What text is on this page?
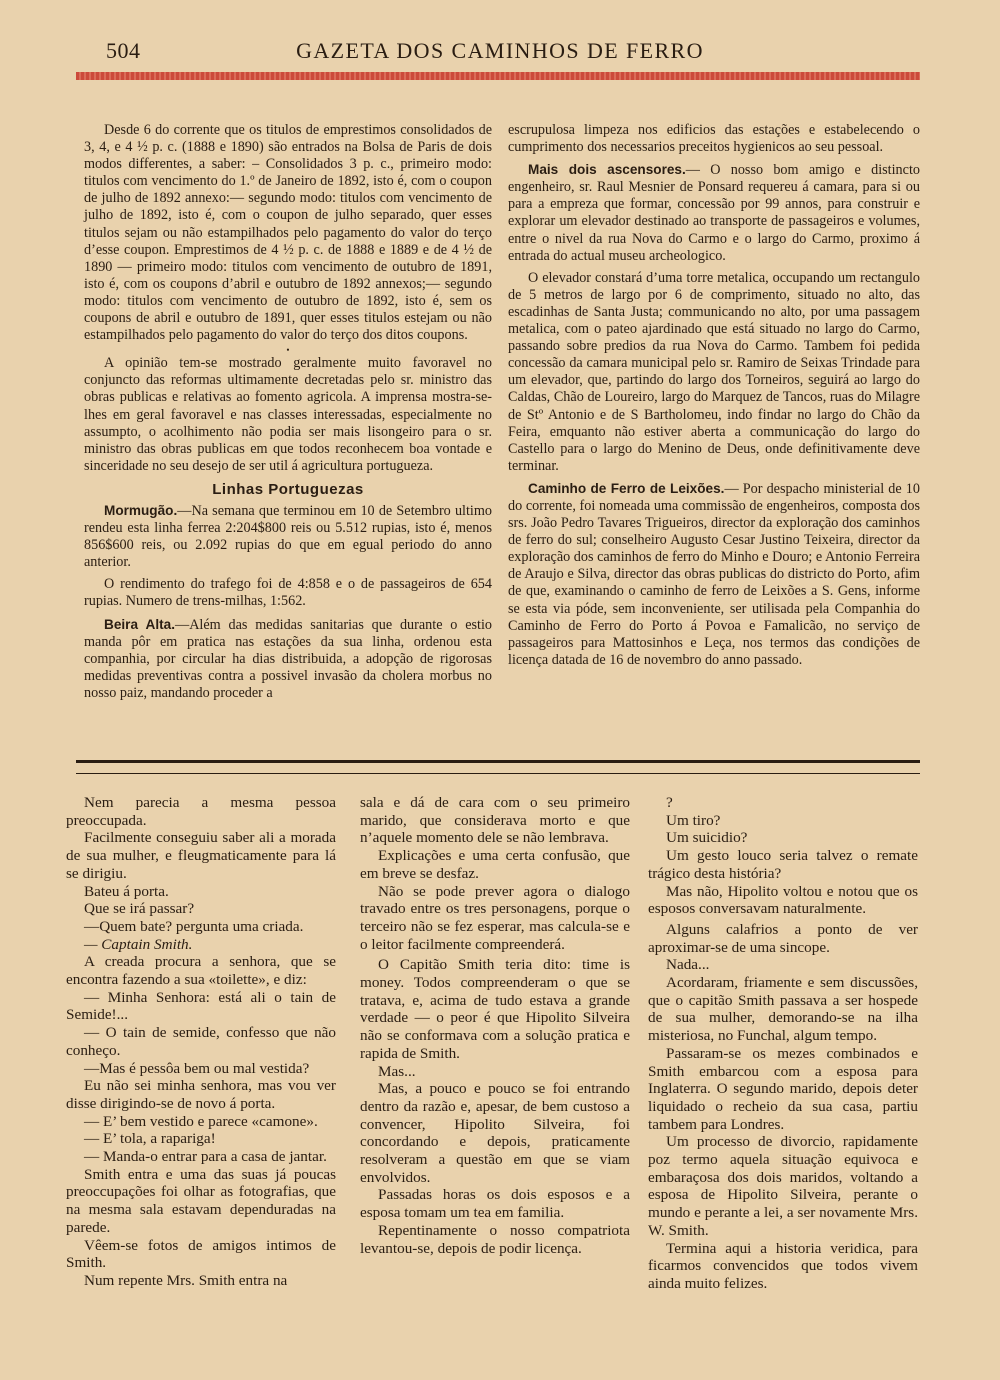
504	GAZETA DOS CAMINHOS DE FERRO

Desde 6 do corrente que os titulos de emprestimos consolidados de 3, 4, e 4 ½ p. c. (1888 e 1890) são entrados na Bolsa de Paris de dois modos differentes, a saber: – Consolidados 3 p. c., primeiro modo: titulos com vencimento do 1.º de Janeiro de 1892, isto é, com o coupon de julho de 1892 annexo:— segundo modo: titulos com vencimento de julho de 1892, isto é, com o coupon de julho separado, quer esses titulos sejam ou não estampilhados pelo pagamento do valor do terço d’esse coupon. Emprestimos de 4 ½ p. c. de 1888 e 1889 e de 4 ½ de 1890 — primeiro modo: titulos com vencimento de outubro de 1891, isto é, com os coupons d’abril e outubro de 1892 annexos;— segundo modo: titulos com vencimento de outubro de 1892, isto é, sem os coupons de abril e outubro de 1891, quer esses titulos estejam ou não estampilhados pelo pagamento do valor do terço dos ditos coupons.

•

A opinião tem-se mostrado geralmente muito favoravel no conjuncto das reformas ultimamente decretadas pelo sr. ministro das obras publicas e relativas ao fomento agricola. A imprensa mostra-se-lhes em geral favoravel e nas classes interessadas, especialmente no assumpto, o acolhimento não podia ser mais lisongeiro para o sr. ministro das obras publicas em que todos reconhecem boa vontade e sinceridade no seu desejo de ser util á agricultura portugueza.

Linhas Portuguezas

Mormugão.—Na semana que terminou em 10 de Setembro ultimo rendeu esta linha ferrea 2:204$800 reis ou 5.512 rupias, isto é, menos 856$600 reis, ou 2.092 rupias do que em egual periodo do anno anterior.

O rendimento do trafego foi de 4:858 e o de passageiros de 654 rupias. Numero de trens-milhas, 1:562.

Beira Alta.—Além das medidas sanitarias que durante o estio manda pôr em pratica nas estações da sua linha, ordenou esta companhia, por circular ha dias distribuida, a adopção de rigorosas medidas preventivas contra a possivel invasão da cholera morbus no nosso paiz, mandando proceder a

escrupulosa limpeza nos edificios das estações e estabelecendo o cumprimento dos necessarios preceitos hygienicos ao seu pessoal.

Mais dois ascensores.— O nosso bom amigo e distincto engenheiro, sr. Raul Mesnier de Ponsard requereu á camara, para si ou para a empreza que formar, concessão por 99 annos, para construir e explorar um elevador destinado ao transporte de passageiros e volumes, entre o nivel da rua Nova do Carmo e o largo do Carmo, proximo á entrada do actual museu archeologico.

O elevador constará d’uma torre metalica, occupando um rectangulo de 5 metros de largo por 6 de comprimento, situado no alto, das escadinhas de Santa Justa; communicando no alto, por uma passagem metalica, com o pateo ajardinado que está situado no largo do Carmo, passando sobre predios da rua Nova do Carmo. Tambem foi pedida concessão da camara municipal pelo sr. Ramiro de Seixas Trindade para um elevador, que, partindo do largo dos Torneiros, seguirá ao largo do Caldas, Chão de Loureiro, largo do Marquez de Tancos, ruas do Milagre de Stº Antonio e de S Bartholomeu, indo findar no largo do Chão da Feira, emquanto não estiver aberta a communicação do largo do Castello para o largo do Menino de Deus, onde definitivamente deve terminar.

Caminho de Ferro de Leixões.— Por despacho ministerial de 10 do corrente, foi nomeada uma commissão de engenheiros, composta dos srs. João Pedro Tavares Trigueiros, director da exploração dos caminhos de ferro do sul; conselheiro Augusto Cesar Justino Teixeira, director da exploração dos caminhos de ferro do Minho e Douro; e Antonio Ferreira de Araujo e Silva, director das obras publicas do districto do Porto, afim de que, examinando o caminho de ferro de Leixões a S. Gens, informe se esta via póde, sem inconveniente, ser utilisada pela Companhia do Caminho de Ferro do Porto á Povoa e Famalicão, no serviço de passageiros para Mattosinhos e Leça, nos termos das condições de licença datada de 16 de novembro do anno passado.

Nem parecia a mesma pessoa preoccupada.

Facilmente conseguiu saber ali a morada de sua mulher, e fleugmaticamente para lá se dirigiu.

Bateu á porta.

Que se irá passar?

—Quem bate? pergunta uma criada.

— Captain Smith.

A creada procura a senhora, que se encontra fazendo a sua «toilette», e diz:

— Minha Senhora: está ali o tain de Semide!...

— O tain de semide, confesso que não conheço.

—Mas é pessôa bem ou mal vestida?

Eu não sei minha senhora, mas vou ver disse dirigindo-se de novo á porta.

— E’ bem vestido e parece «camone».

— E’ tola, a rapariga!

— Manda-o entrar para a casa de jantar.

Smith entra e uma das suas já poucas preoccupações foi olhar as fotografias, que na mesma sala estavam dependuradas na parede.

Vêem-se fotos de amigos intimos de Smith.

Num repente Mrs. Smith entra na

sala e dá de cara com o seu primeiro marido, que considerava morto e que n’aquele momento dele se não lembrava.

Explicações e uma certa confusão, que em breve se desfaz.

Não se pode prever agora o dialogo travado entre os tres personagens, porque o terceiro não se fez esperar, mas calcula-se e o leitor facilmente compreenderá.

O Capitão Smith teria dito: time is money. Todos compreenderam o que se tratava, e, acima de tudo estava a grande verdade — o peor é que Hipolito Silveira não se conformava com a solução pratica e rapida de Smith.

Mas...

Mas, a pouco e pouco se foi entrando dentro da razão e, apesar, de bem custoso a convencer, Hipolito Silveira, foi concordando e depois, praticamente resolveram a questão em que se viam envolvidos.

Passadas horas os dois esposos e a esposa tomam um tea em familia.

Repentinamente o nosso compatriota levantou-se, depois de podir licença.

?

Um tiro?

Um suicidio?

Um gesto louco seria talvez o remate trágico desta história?

Mas não, Hipolito voltou e notou que os esposos conversavam naturalmente.

Alguns calafrios a ponto de ver aproximar-se de uma sincope.

Nada...

Acordaram, friamente e sem discussões, que o capitão Smith passava a ser hospede de sua mulher, demorando-se na ilha misteriosa, no Funchal, algum tempo.

Passaram-se os mezes combinados e Smith embarcou com a esposa para Inglaterra. O segundo marido, depois deter liquidado o recheio da sua casa, partiu tambem para Londres.

Um processo de divorcio, rapidamente poz termo aquela situação equivoca e embaraçosa dos dois maridos, voltando a esposa de Hipolito Silveira, perante o mundo e perante a lei, a ser novamente Mrs. W. Smith.

Termina aqui a historia veridica, para ficarmos convencidos que todos vivem ainda muito felizes.
